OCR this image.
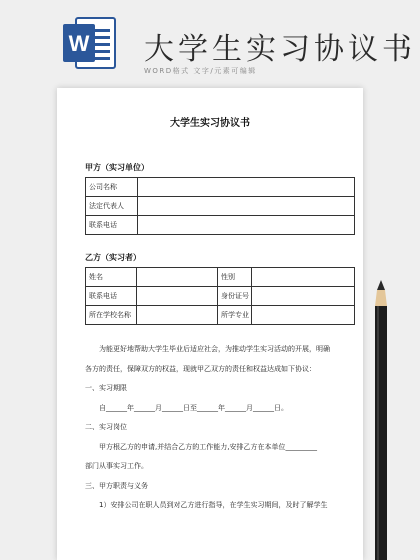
W 大学生实习协议书
WORD格式 文字/元素可编辑
大学生实习协议书
甲方（实习单位）
公司名称	
法定代表人	
联系电话	
乙方（实习者）
姓名		性别	
联系电话		身份证号	
所在学校名称		所学专业	

为能更好地帮助大学生毕业后适应社会，为推动学生实习活动的开展，明确

各方的责任，保障双方的权益，现就甲乙双方的责任和权益达成如下协议：

一、实习期限

自______年______月______日至______年______月______日。

二、实习岗位

甲方根乙方的申请,并结合乙方的工作能力,安排乙方在本单位_________

部门从事实习工作。

三、甲方职责与义务

1）安排公司在职人员到对乙方进行指导，在学生实习期间，及时了解学生
